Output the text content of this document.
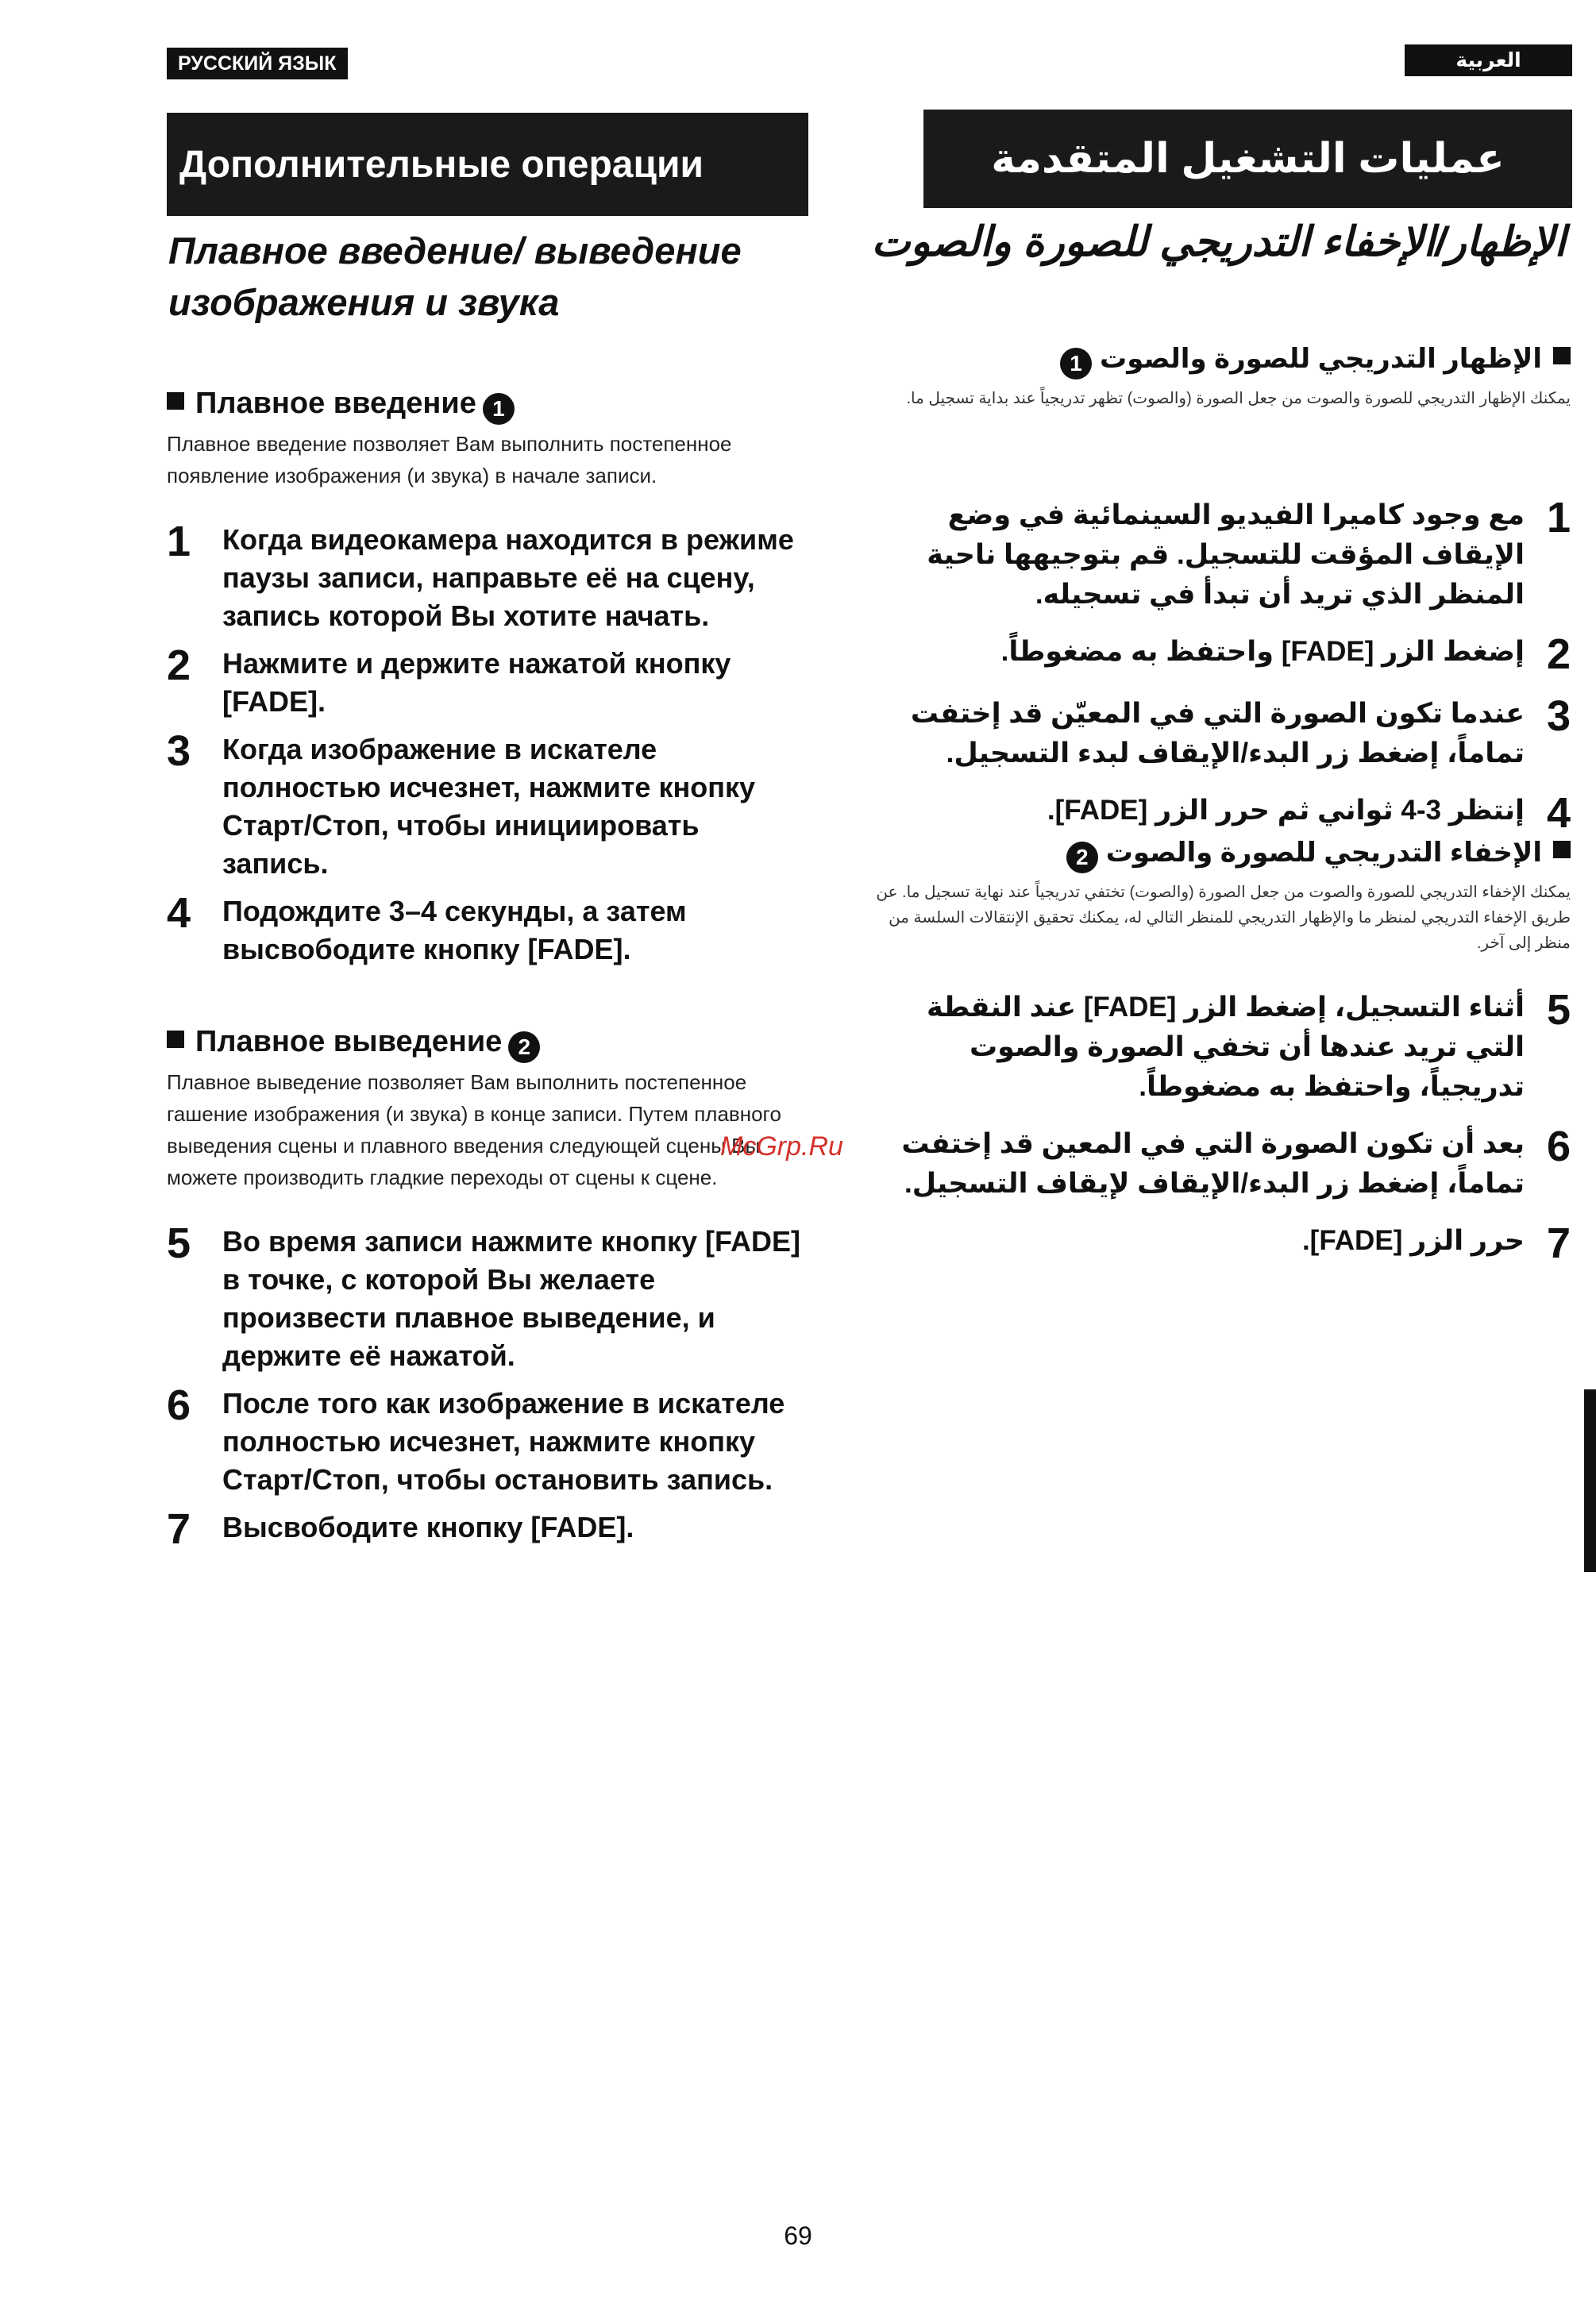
РУССКИЙ ЯЗЫК
Дополнительные операции
Плавное введение/ выведение изображения и звука
Плавное введение 1
Плавное введение позволяет Вам выполнить постепенное появление изображения (и звука) в начале записи.
1	Когда видеокамера находится в режиме паузы записи, направьте её на сцену, запись которой Вы хотите начать.
2	Нажмите и держите нажатой кнопку [FADE].
3	Когда изображение в искателе полностью исчезнет, нажмите кнопку Старт/Стоп, чтобы инициировать запись.
4	Подождите 3–4 секунды, а затем высвободите кнопку [FADE].
Плавное выведение 2
Плавное выведение позволяет Вам выполнить постепенное гашение изображения (и звука) в конце записи. Путем плавного выведения сцены и плавного введения следующей сцены Вы можете производить гладкие переходы от сцены к сцене.
5	Во время записи нажмите кнопку [FADE] в точке, с которой Вы желаете произвести плавное выведение, и держите её нажатой.
6	После того как изображение в искателе полностью исчезнет, нажмите кнопку Старт/Стоп, чтобы остановить запись.
7	Высвободите кнопку [FADE].
العربية
عمليات التشغيل المتقدمة
الإظهار/الإخفاء التدريجي للصورة والصوت
الإظهار التدريجي للصورة والصوت1
يمكنك الإظهار التدريجي للصورة والصوت من جعل الصورة (والصوت) تظهر تدريجياً عند بداية تسجيل ما.
1
مع وجود كاميرا الفيديو السينمائية في وضع الإيقاف المؤقت للتسجيل. قم بتوجيهها ناحية المنظر الذي تريد أن تبدأ في تسجيله.
2
إضغط الزر [FADE] واحتفظ به مضغوطاً.
3
عندما تكون الصورة التي في المعيّن قد إختفت تماماً، إضغط زر البدء/الإيقاف لبدء التسجيل.
4
إنتظر 3-4 ثواني ثم حرر الزر [FADE].
الإخفاء التدريجي للصورة والصوت2
يمكنك الإخفاء التدريجي للصورة والصوت من جعل الصورة (والصوت) تختفي تدريجياً عند نهاية تسجيل ما. عن طريق الإخفاء التدريجي لمنظر ما والإظهار التدريجي للمنظر التالي له، يمكنك تحقيق الإنتقالات السلسة من منظر إلى آخر.
5
أثناء التسجيل، إضغط الزر [FADE] عند النقطة التي تريد عندها أن تخفي الصورة والصوت تدريجياً، واحتفظ به مضغوطاً.
6
بعد أن تكون الصورة التي في المعين قد إختفت تماماً، إضغط زر البدء/الإيقاف لإيقاف التسجيل.
7
حرر الزر [FADE].
McGrp.Ru
69
